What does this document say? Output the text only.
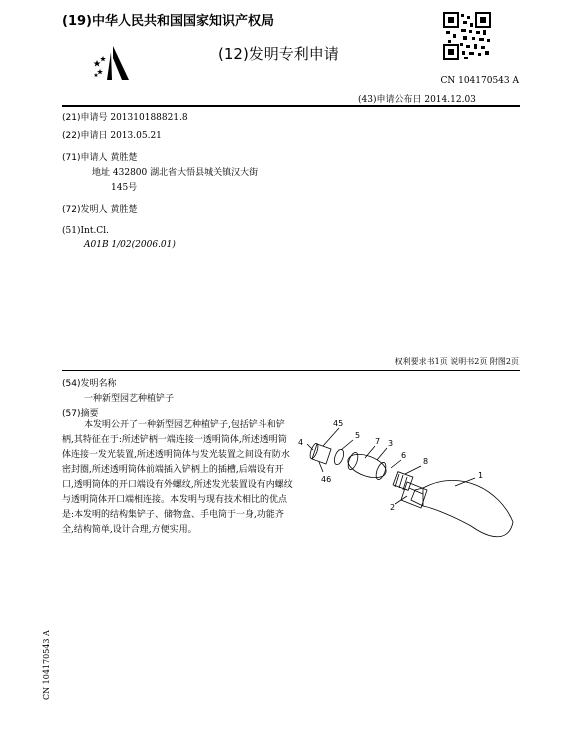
(19)中华人民共和国国家知识产权局
(12)发明专利申请
CN 104170543 A
(43)申请公布日 2014.12.03
(21)申请号 201310188821.8
(22)申请日 2013.05.21
(71)申请人 黄胜楚
地址 432800 湖北省大悟县城关镇汉大街
145号
(72)发明人 黄胜楚
(51)Int.Cl.
A01B 1/02(2006.01)
权利要求书1页 说明书2页 附图2页
(54)发明名称
一种新型园艺种植铲子
(57)摘要
本发明公开了一种新型园艺种植铲子,包括铲斗和铲柄,其特征在于:所述铲柄一端连接一透明筒体,所述透明筒体连接一发光装置,所述透明筒体与发光装置之间设有防水密封圈,所述透明筒体前端插入铲柄上的插槽,后端设有开口,透明筒体的开口端设有外螺纹,所述发光装置设有内螺纹与透明筒体开口端相连接。本发明与现有技术相比的优点是:本发明的结构集铲子、储物盒、手电筒于一身,功能齐全,结构简单,设计合理,方便实用。
45
5
7 3
6
8
1
4
46
2
CN 104170543 A
